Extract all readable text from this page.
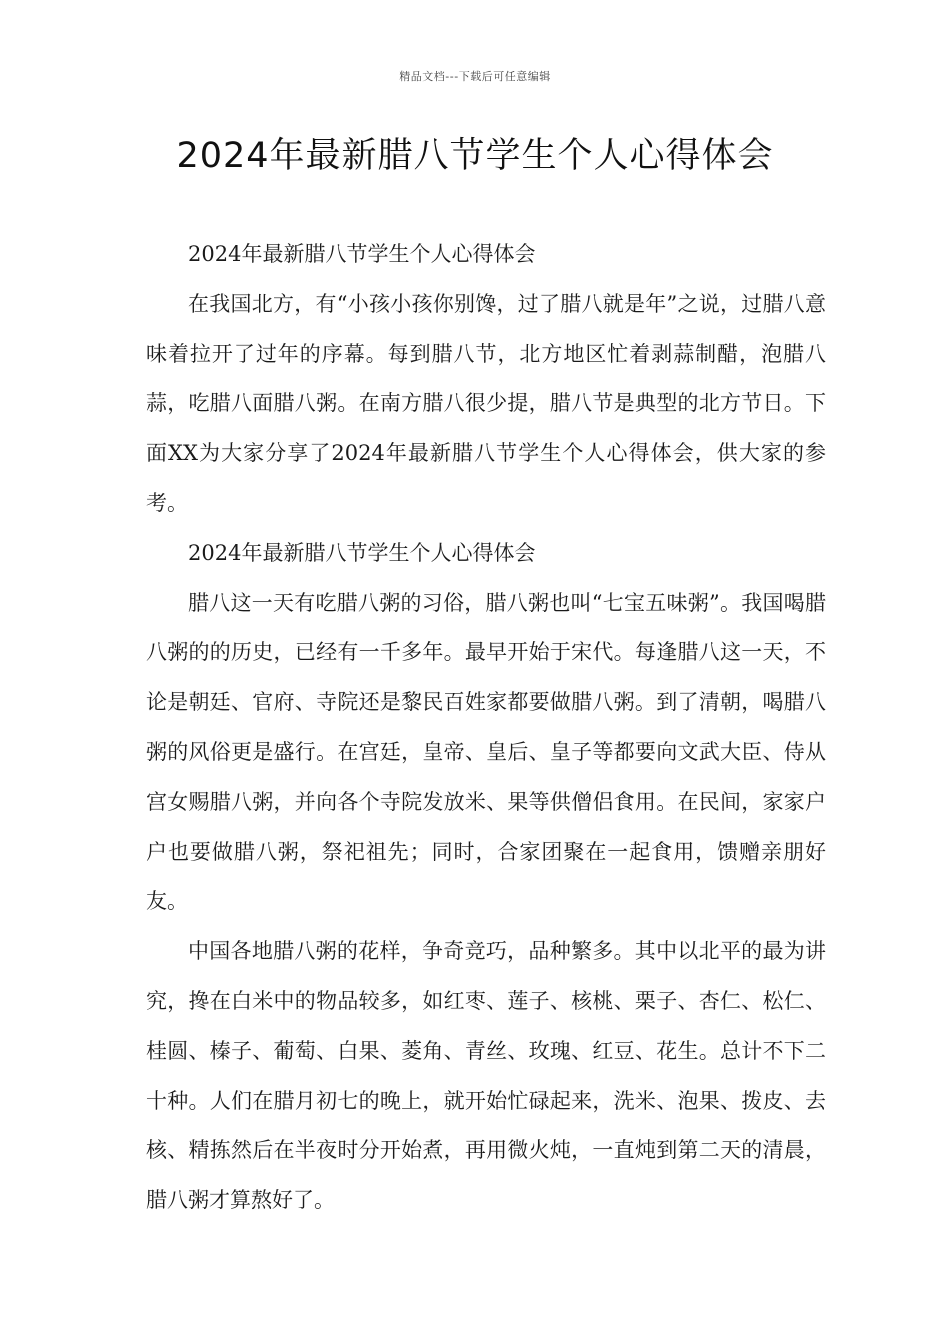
精品文档---下载后可任意编辑
2024年最新腊八节学生个人心得体会

2024年最新腊八节学生个人心得体会

在我国北方，有“小孩小孩你别馋，过了腊八就是年”之说，过腊八意味着拉开了过年的序幕。每到腊八节，北方地区忙着剥蒜制醋，泡腊八蒜，吃腊八面腊八粥。在南方腊八很少提，腊八节是典型的北方节日。下面XX为大家分享了2024年最新腊八节学生个人心得体会，供大家的参考。

2024年最新腊八节学生个人心得体会

腊八这一天有吃腊八粥的习俗，腊八粥也叫“七宝五味粥”。我国喝腊八粥的的历史，已经有一千多年。最早开始于宋代。每逢腊八这一天，不论是朝廷、官府、寺院还是黎民百姓家都要做腊八粥。到了清朝，喝腊八粥的风俗更是盛行。在宫廷，皇帝、皇后、皇子等都要向文武大臣、侍从宫女赐腊八粥，并向各个寺院发放米、果等供僧侣食用。在民间，家家户户也要做腊八粥，祭祀祖先；同时，合家团聚在一起食用，馈赠亲朋好友。

中国各地腊八粥的花样，争奇竞巧，品种繁多。其中以北平的最为讲究，搀在白米中的物品较多，如红枣、莲子、核桃、栗子、杏仁、松仁、桂圆、榛子、葡萄、白果、菱角、青丝、玫瑰、红豆、花生。总计不下二十种。人们在腊月初七的晚上，就开始忙碌起来，洗米、泡果、拨皮、去核、精拣然后在半夜时分开始煮，再用微火炖，一直炖到第二天的清晨，腊八粥才算熬好了。
